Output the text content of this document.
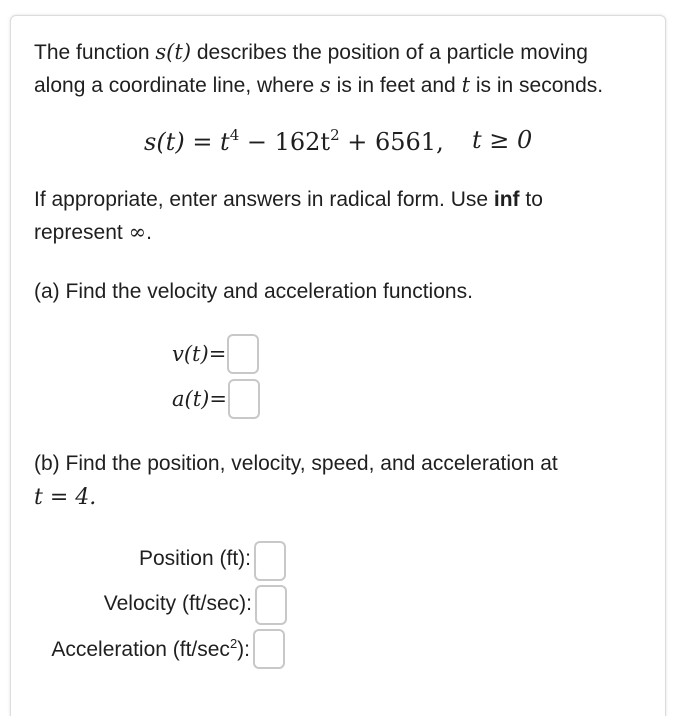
The function s(t) describes the position of a particle moving
along a coordinate line, where s is in feet and t is in seconds.
$s(t) = t^4 - 162t^2 + 6561$, t ≥ 0
If appropriate, enter answers in radical form. Use inf to
represent ∞.
(a) Find the velocity and acceleration functions.
v(t)=
a(t)=
(b) Find the position, velocity, speed, and acceleration at
t = 4.
Position (ft):
Velocity (ft/sec):
Acceleration $(ft/\sec^2)$:
